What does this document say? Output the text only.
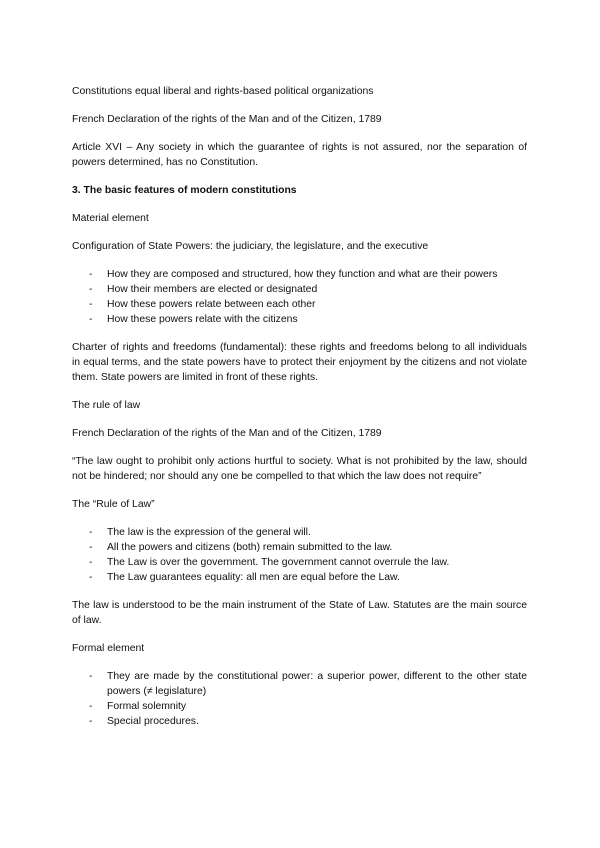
Constitutions equal liberal and rights-based political organizations

French Declaration of the rights of the Man and of the Citizen, 1789

Article XVI – Any society in which the guarantee of rights is not assured, nor the separation of powers determined, has no Constitution.

3. The basic features of modern constitutions

Material element

Configuration of State Powers: the judiciary, the legislature, and the executive

- How they are composed and structured, how they function and what are their powers
- How their members are elected or designated
- How these powers relate between each other
- How these powers relate with the citizens

Charter of rights and freedoms (fundamental): these rights and freedoms belong to all individuals in equal terms, and the state powers have to protect their enjoyment by the citizens and not violate them. State powers are limited in front of these rights.

The rule of law

French Declaration of the rights of the Man and of the Citizen, 1789

“The law ought to prohibit only actions hurtful to society. What is not prohibited by the law, should not be hindered; nor should any one be compelled to that which the law does not require”

The “Rule of Law”

- The law is the expression of the general will.
- All the powers and citizens (both) remain submitted to the law.
- The Law is over the government. The government cannot overrule the law.
- The Law guarantees equality: all men are equal before the Law.

The law is understood to be the main instrument of the State of Law. Statutes are the main source of law.

Formal element

- They are made by the constitutional power: a superior power, different to the other state powers (≠ legislature)
- Formal solemnity
- Special procedures.
